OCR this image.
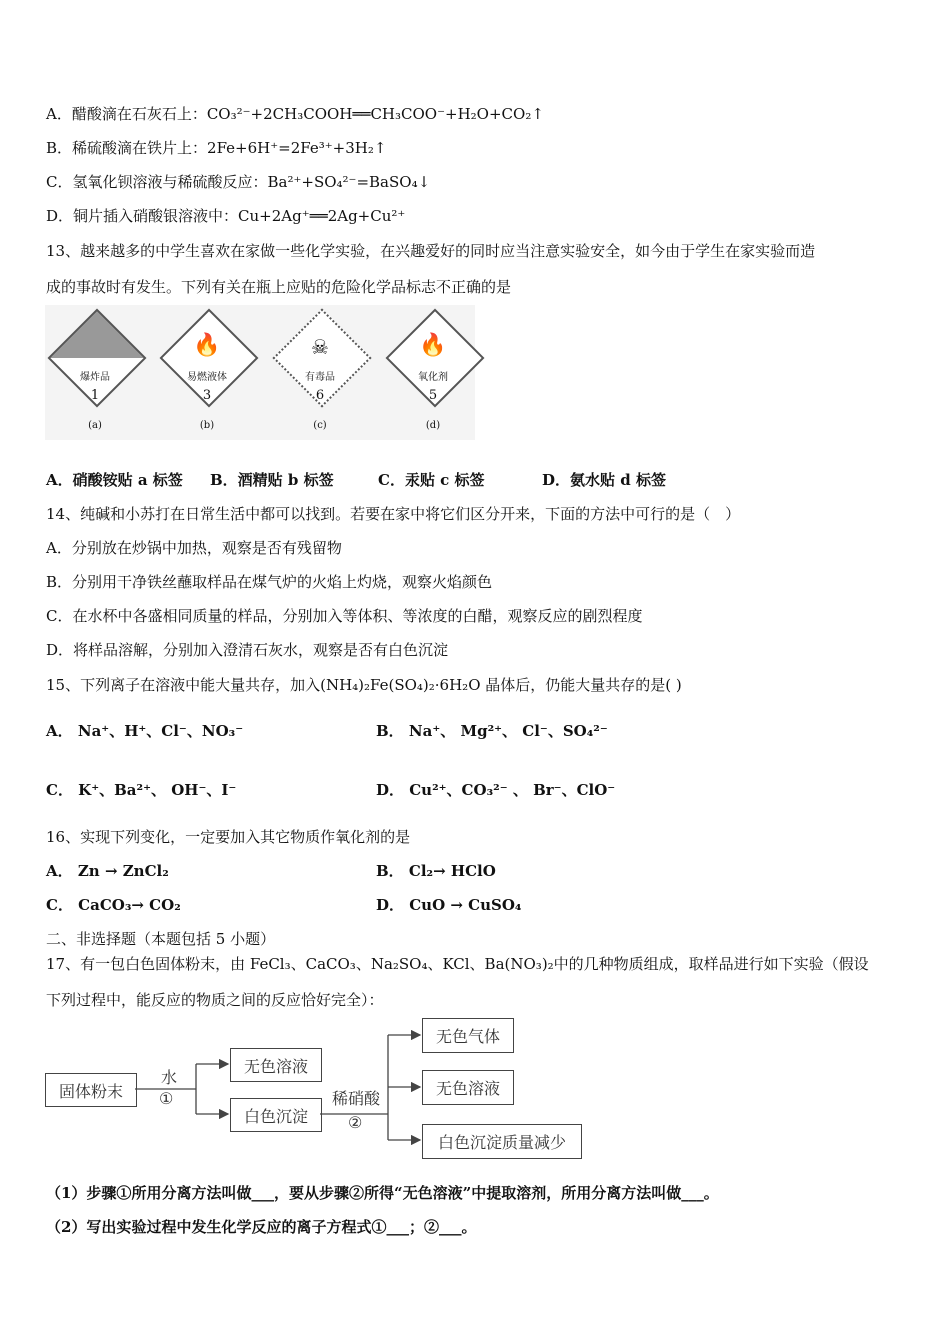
A．醋酸滴在石灰石上：CO₃²⁻+2CH₃COOH══CH₃COO⁻+H₂O+CO₂↑
B．稀硫酸滴在铁片上：2Fe+6H⁺=2Fe³⁺+3H₂↑
C．氢氧化钡溶液与稀硫酸反应：Ba²⁺+SO₄²⁻=BaSO₄↓
D．铜片插入硝酸银溶液中：Cu+2Ag⁺══2Ag+Cu²⁺
13、越来越多的中学生喜欢在家做一些化学实验，在兴趣爱好的同时应当注意实验安全，如今由于学生在家实验而造
成的事故时有发生。下列有关在瓶上应贴的危险化学品标志不正确的是
爆炸品
1
(a)
🔥
易燃液体
3
(b)
☠
有毒品
6
(c)
🔥
氧化剂
5
(d)
A．硝酸铵贴 a 标签 B．酒精贴 b 标签	C．汞贴 c 标签	D．氨水贴 d 标签
14、纯碱和小苏打在日常生活中都可以找到。若要在家中将它们区分开来，下面的方法中可行的是（　）
A．分别放在炒锅中加热，观察是否有残留物
B．分别用干净铁丝蘸取样品在煤气炉的火焰上灼烧，观察火焰颜色
C．在水杯中各盛相同质量的样品，分别加入等体积、等浓度的白醋，观察反应的剧烈程度
D．将样品溶解，分别加入澄清石灰水，观察是否有白色沉淀
15、下列离子在溶液中能大量共存，加入(NH₄)₂Fe(SO₄)₂·6H₂O 晶体后，仍能大量共存的是( )
A． Na⁺、H⁺、Cl⁻、NO₃⁻	B． Na⁺、 Mg²⁺、 Cl⁻、SO₄²⁻
C． K⁺、Ba²⁺、 OH⁻、I⁻	D． Cu²⁺、CO₃²⁻ 、 Br⁻、ClO⁻
16、实现下列变化，一定要加入其它物质作氧化剂的是
A． Zn → ZnCl₂	B． Cl₂→ HClO
C． CaCO₃→ CO₂	D． CuO → CuSO₄
二、非选择题（本题包括 5 小题）
17、有一包白色固体粉末，由 FeCl₃、CaCO₃、Na₂SO₄、KCl、Ba(NO₃)₂中的几种物质组成，取样品进行如下实验（假设
下列过程中，能反应的物质之间的反应恰好完全）：
固体粉末
水
①
无色溶液
白色沉淀
稀硝酸
②
无色气体
无色溶液
白色沉淀质量减少
（1）步骤①所用分离方法叫做___，要从步骤②所得“无色溶液”中提取溶剂，所用分离方法叫做___。
（2）写出实验过程中发生化学反应的离子方程式①___；②___。
